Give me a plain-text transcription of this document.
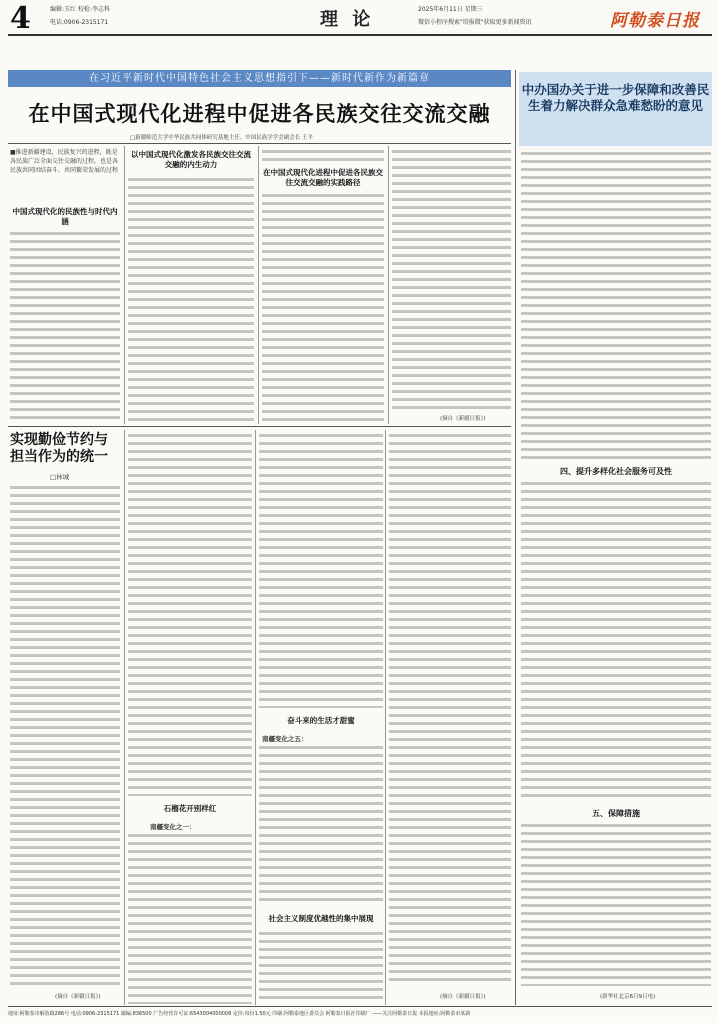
4	编辑:玉红 校检:李志科
电话:0906-2315171	理 论	2025年6月11日 星期三
微信小程序搜索"塔报微"获取更多新闻资讯	阿勒泰日报
在习近平新时代中国特色社会主义思想指引下——新时代新作为新篇章
在中国式现代化进程中促进各民族交往交流交融
□新疆师范大学中华民族共同体研究基地主任、中国民族学学会副会长 王平
中办国办关于进一步保障和改善民生着力解决群众急难愁盼的意见
■推进新疆建设，民族复兴的进程，既是各民族广泛全面交往交融的过程，也是各民族共同团结奋斗、共同繁荣发展的过程
中国式现代化的民族性与时代内涵
以中国式现代化激发各民族交往交流交融的内生动力
在中国式现代化进程中促进各民族交往交流交融的实践路径
(摘自《新疆日报》)
四、提升多样化社会服务可及性
五、保障措施
(新华社北京6月9日电)
实现勤俭节约与担当作为的统一
□林城
(摘自《新疆日报》)
石榴花开别样红
南疆变化之一：
奋斗来的生活才甜蜜
南疆变化之五：
社会主义制度优越性的集中展现
(摘自《新疆日报》)
地址:阿勒泰市解放路286号 电话:0906-2315171 邮编:836500 广告经营许可证:6543004000008 定价:每份1.50元 印刷:阿勒泰地区委员会 阿勒泰日报社印刷厂 ——关注阿勒泰日报 本报地址:阿勒泰市某路
